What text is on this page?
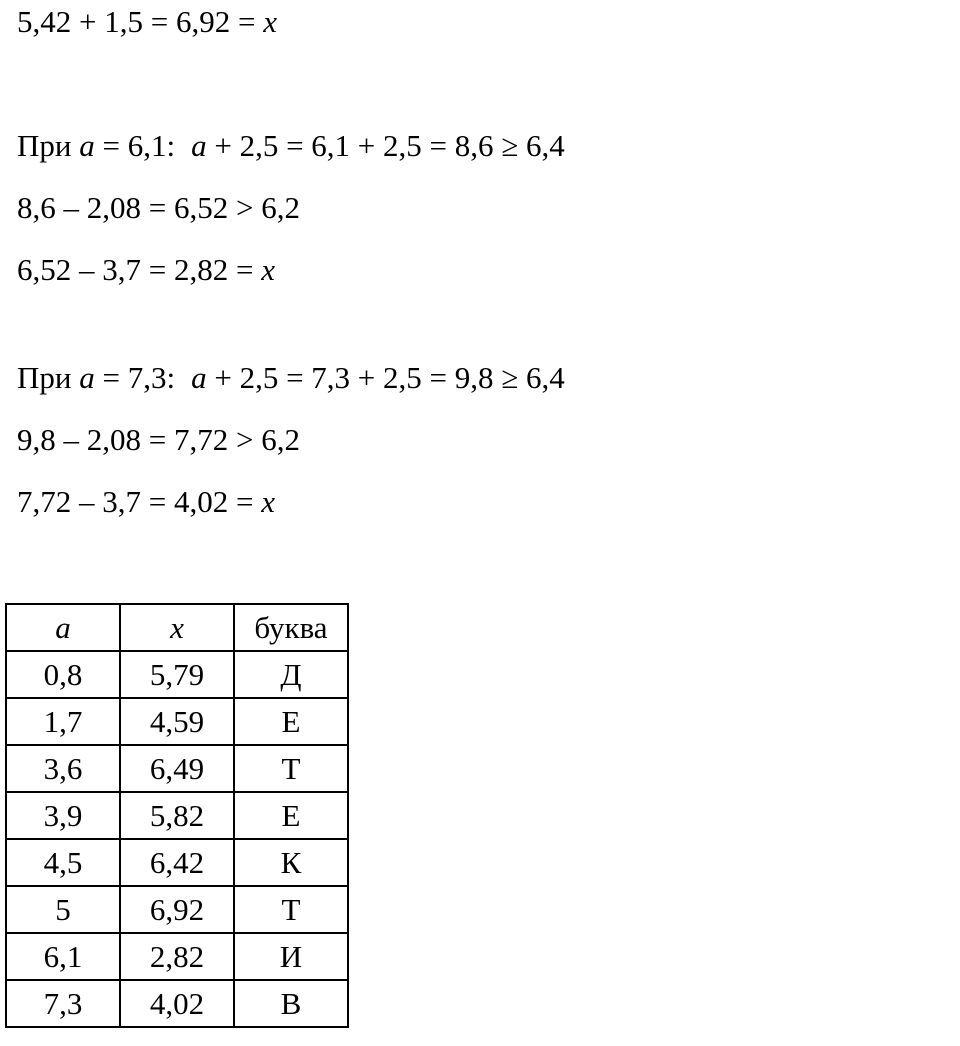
5,42 + 1,5 = 6,92 = x
При a = 6,1: a + 2,5 = 6,1 + 2,5 = 8,6 ≥ 6,4
8,6 – 2,08 = 6,52 > 6,2
6,52 – 3,7 = 2,82 = x
При a = 7,3: a + 2,5 = 7,3 + 2,5 = 9,8 ≥ 6,4
9,8 – 2,08 = 7,72 > 6,2
7,72 – 3,7 = 4,02 = x
a	x	буква
0,8	5,79	Д
1,7	4,59	Е
3,6	6,49	Т
3,9	5,82	Е
4,5	6,42	К
5	6,92	Т
6,1	2,82	И
7,3	4,02	В
